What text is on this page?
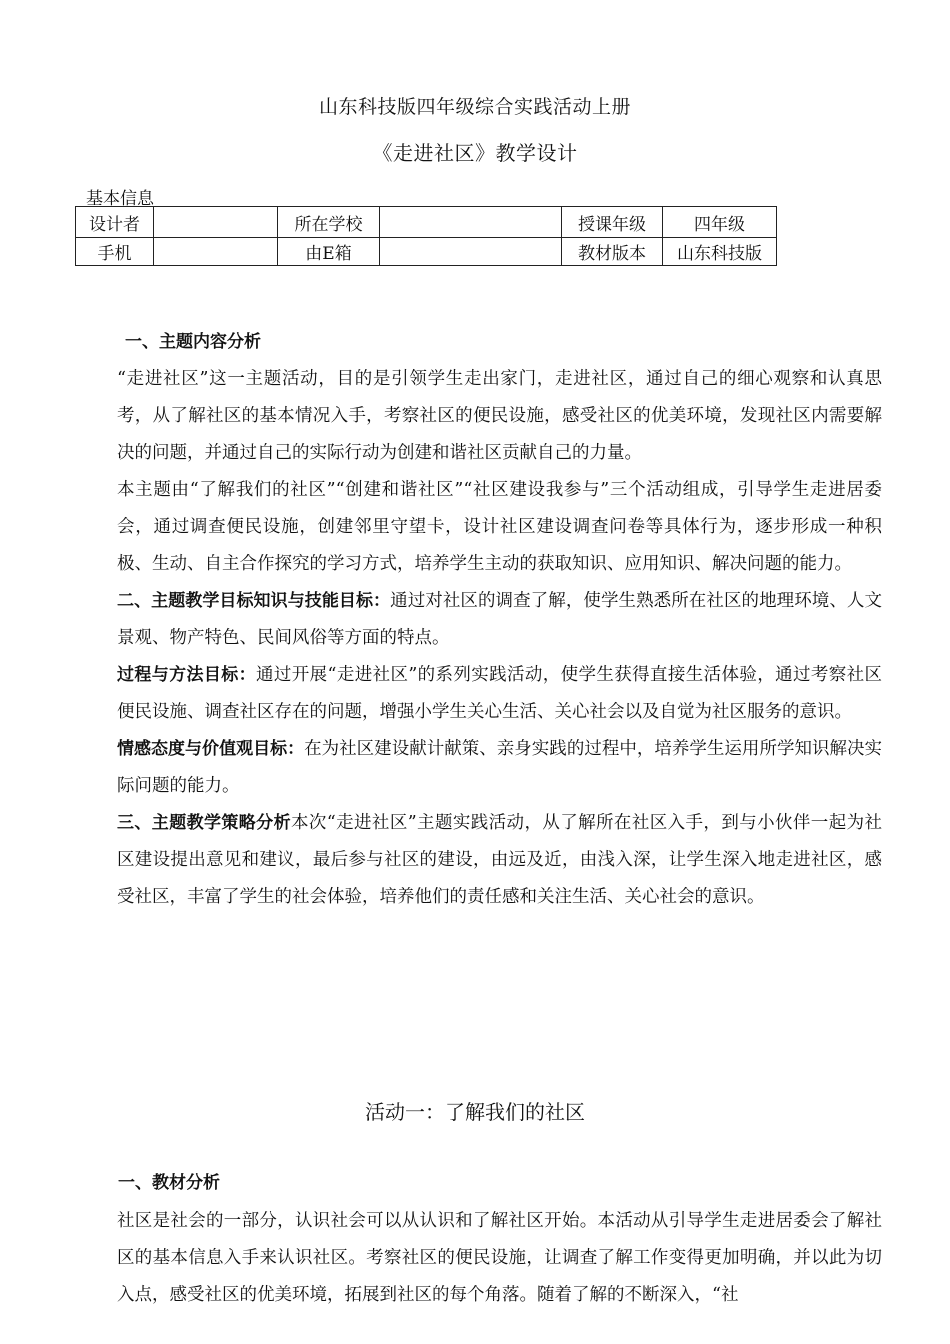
山东科技版四年级综合实践活动上册
《走进社区》教学设计
基本信息
设计者		所在学校		授课年级	四年级
手机		由E箱		教材版本	山东科技版
一、主题内容分析
“走进社区”这一主题活动，目的是引领学生走出家门，走进社区，通过自己的细心观察和认真思考，从了解社区的基本情况入手，考察社区的便民设施，感受社区的优美环境，发现社区内需要解决的问题，并通过自己的实际行动为创建和谐社区贡献自己的力量。
本主题由“了解我们的社区”“创建和谐社区”“社区建设我参与”三个活动组成，引导学生走进居委会，通过调查便民设施，创建邻里守望卡，设计社区建设调查问卷等具体行为，逐步形成一种积极、生动、自主合作探究的学习方式，培养学生主动的获取知识、应用知识、解决问题的能力。
二、主题教学目标知识与技能目标：通过对社区的调查了解，使学生熟悉所在社区的地理环境、人文景观、物产特色、民间风俗等方面的特点。
过程与方法目标：通过开展“走进社区”的系列实践活动，使学生获得直接生活体验，通过考察社区便民设施、调查社区存在的问题，增强小学生关心生活、关心社会以及自觉为社区服务的意识。
情感态度与价值观目标：在为社区建设献计献策、亲身实践的过程中，培养学生运用所学知识解决实际问题的能力。
三、主题教学策略分析本次“走进社区”主题实践活动，从了解所在社区入手，到与小伙伴一起为社区建设提出意见和建议，最后参与社区的建设，由远及近，由浅入深，让学生深入地走进社区，感受社区，丰富了学生的社会体验，培养他们的责任感和关注生活、关心社会的意识。
活动一：了解我们的社区
一、教材分析
社区是社会的一部分，认识社会可以从认识和了解社区开始。本活动从引导学生走进居委会了解社区的基本信息入手来认识社区。考察社区的便民设施，让调查了解工作变得更加明确，并以此为切入点，感受社区的优美环境，拓展到社区的每个角落。随着了解的不断深入，“社
